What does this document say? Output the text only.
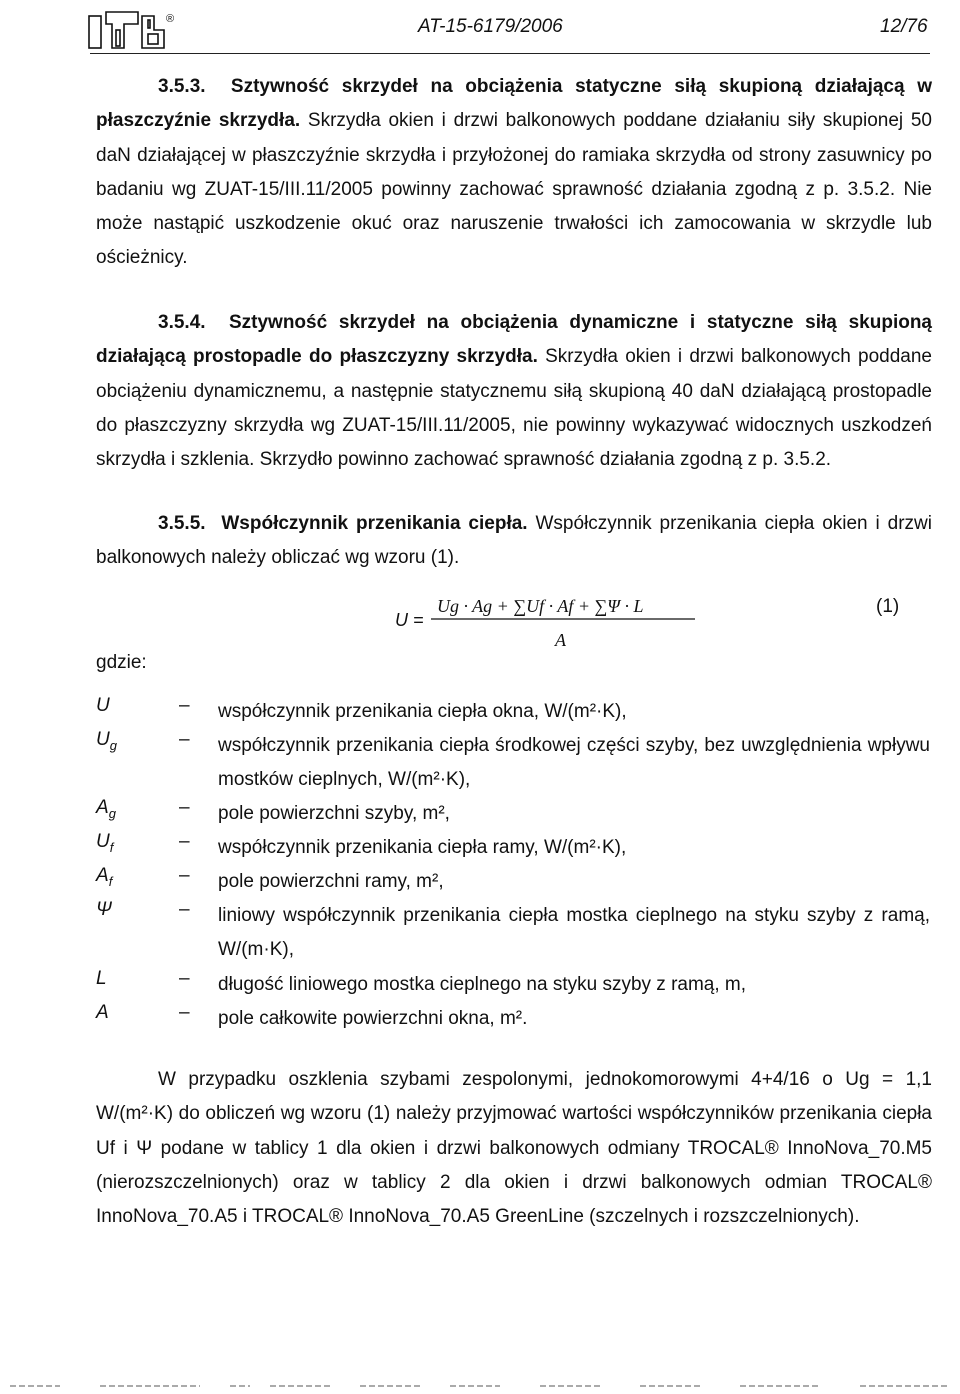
®	AT-15-6179/2006	12/76

3.5.3. Sztywność skrzydeł na obciążenia statyczne siłą skupioną działającą w płaszczyźnie skrzydła. Skrzydła okien i drzwi balkonowych poddane działaniu siły skupionej 50 daN działającej w płaszczyźnie skrzydła i przyłożonej do ramiaka skrzydła od strony zasuwnicy po badaniu wg ZUAT-15/III.11/2005 powinny zachować sprawność działania zgodną z p. 3.5.2. Nie może nastąpić uszkodzenie okuć oraz naruszenie trwałości ich zamocowania w skrzydle lub ościeżnicy.

3.5.4. Sztywność skrzydeł na obciążenia dynamiczne i statyczne siłą skupioną działającą prostopadle do płaszczyzny skrzydła. Skrzydła okien i drzwi balkonowych poddane obciążeniu dynamicznemu, a następnie statycznemu siłą skupioną 40 daN działającą prostopadle do płaszczyzny skrzydła wg ZUAT-15/III.11/2005, nie powinny wykazywać widocznych uszkodzeń skrzydła i szklenia. Skrzydło powinno zachować sprawność działania zgodną z p. 3.5.2.

3.5.5. Współczynnik przenikania ciepła. Współczynnik przenikania ciepła okien i drzwi balkonowych należy obliczać wg wzoru (1).

U =
Ug · Ag + ∑Uf · Af + ∑Ψ · L
A
(1)
gdzie:
U	– współczynnik przenikania ciepła okna, W/(m²·K),
$U_g$	– współczynnik przenikania ciepła środkowej części szyby, bez uwzględnienia wpływu mostków cieplnych, W/(m²·K),
$A_g$	– pole powierzchni szyby, m²,
$U_f$	– współczynnik przenikania ciepła ramy, W/(m²·K),
$A_f$	– pole powierzchni ramy, m²,
Ψ	– liniowy współczynnik przenikania ciepła mostka cieplnego na styku szyby z ramą, W/(m·K),
L	– długość liniowego mostka cieplnego na styku szyby z ramą, m,
A	– pole całkowite powierzchni okna, m².

W przypadku oszklenia szybami zespolonymi, jednokomorowymi 4+4/16 o Ug = 1,1 W/(m²·K) do obliczeń wg wzoru (1) należy przyjmować wartości współczynników przenikania ciepła Uf i Ψ podane w tablicy 1 dla okien i drzwi balkonowych odmiany TROCAL® InnoNova_70.M5 (nierozszczelnionych) oraz w tablicy 2 dla okien i drzwi balkonowych odmian TROCAL® InnoNova_70.A5 i TROCAL® InnoNova_70.A5 GreenLine (szczelnych i rozszczelnionych).
